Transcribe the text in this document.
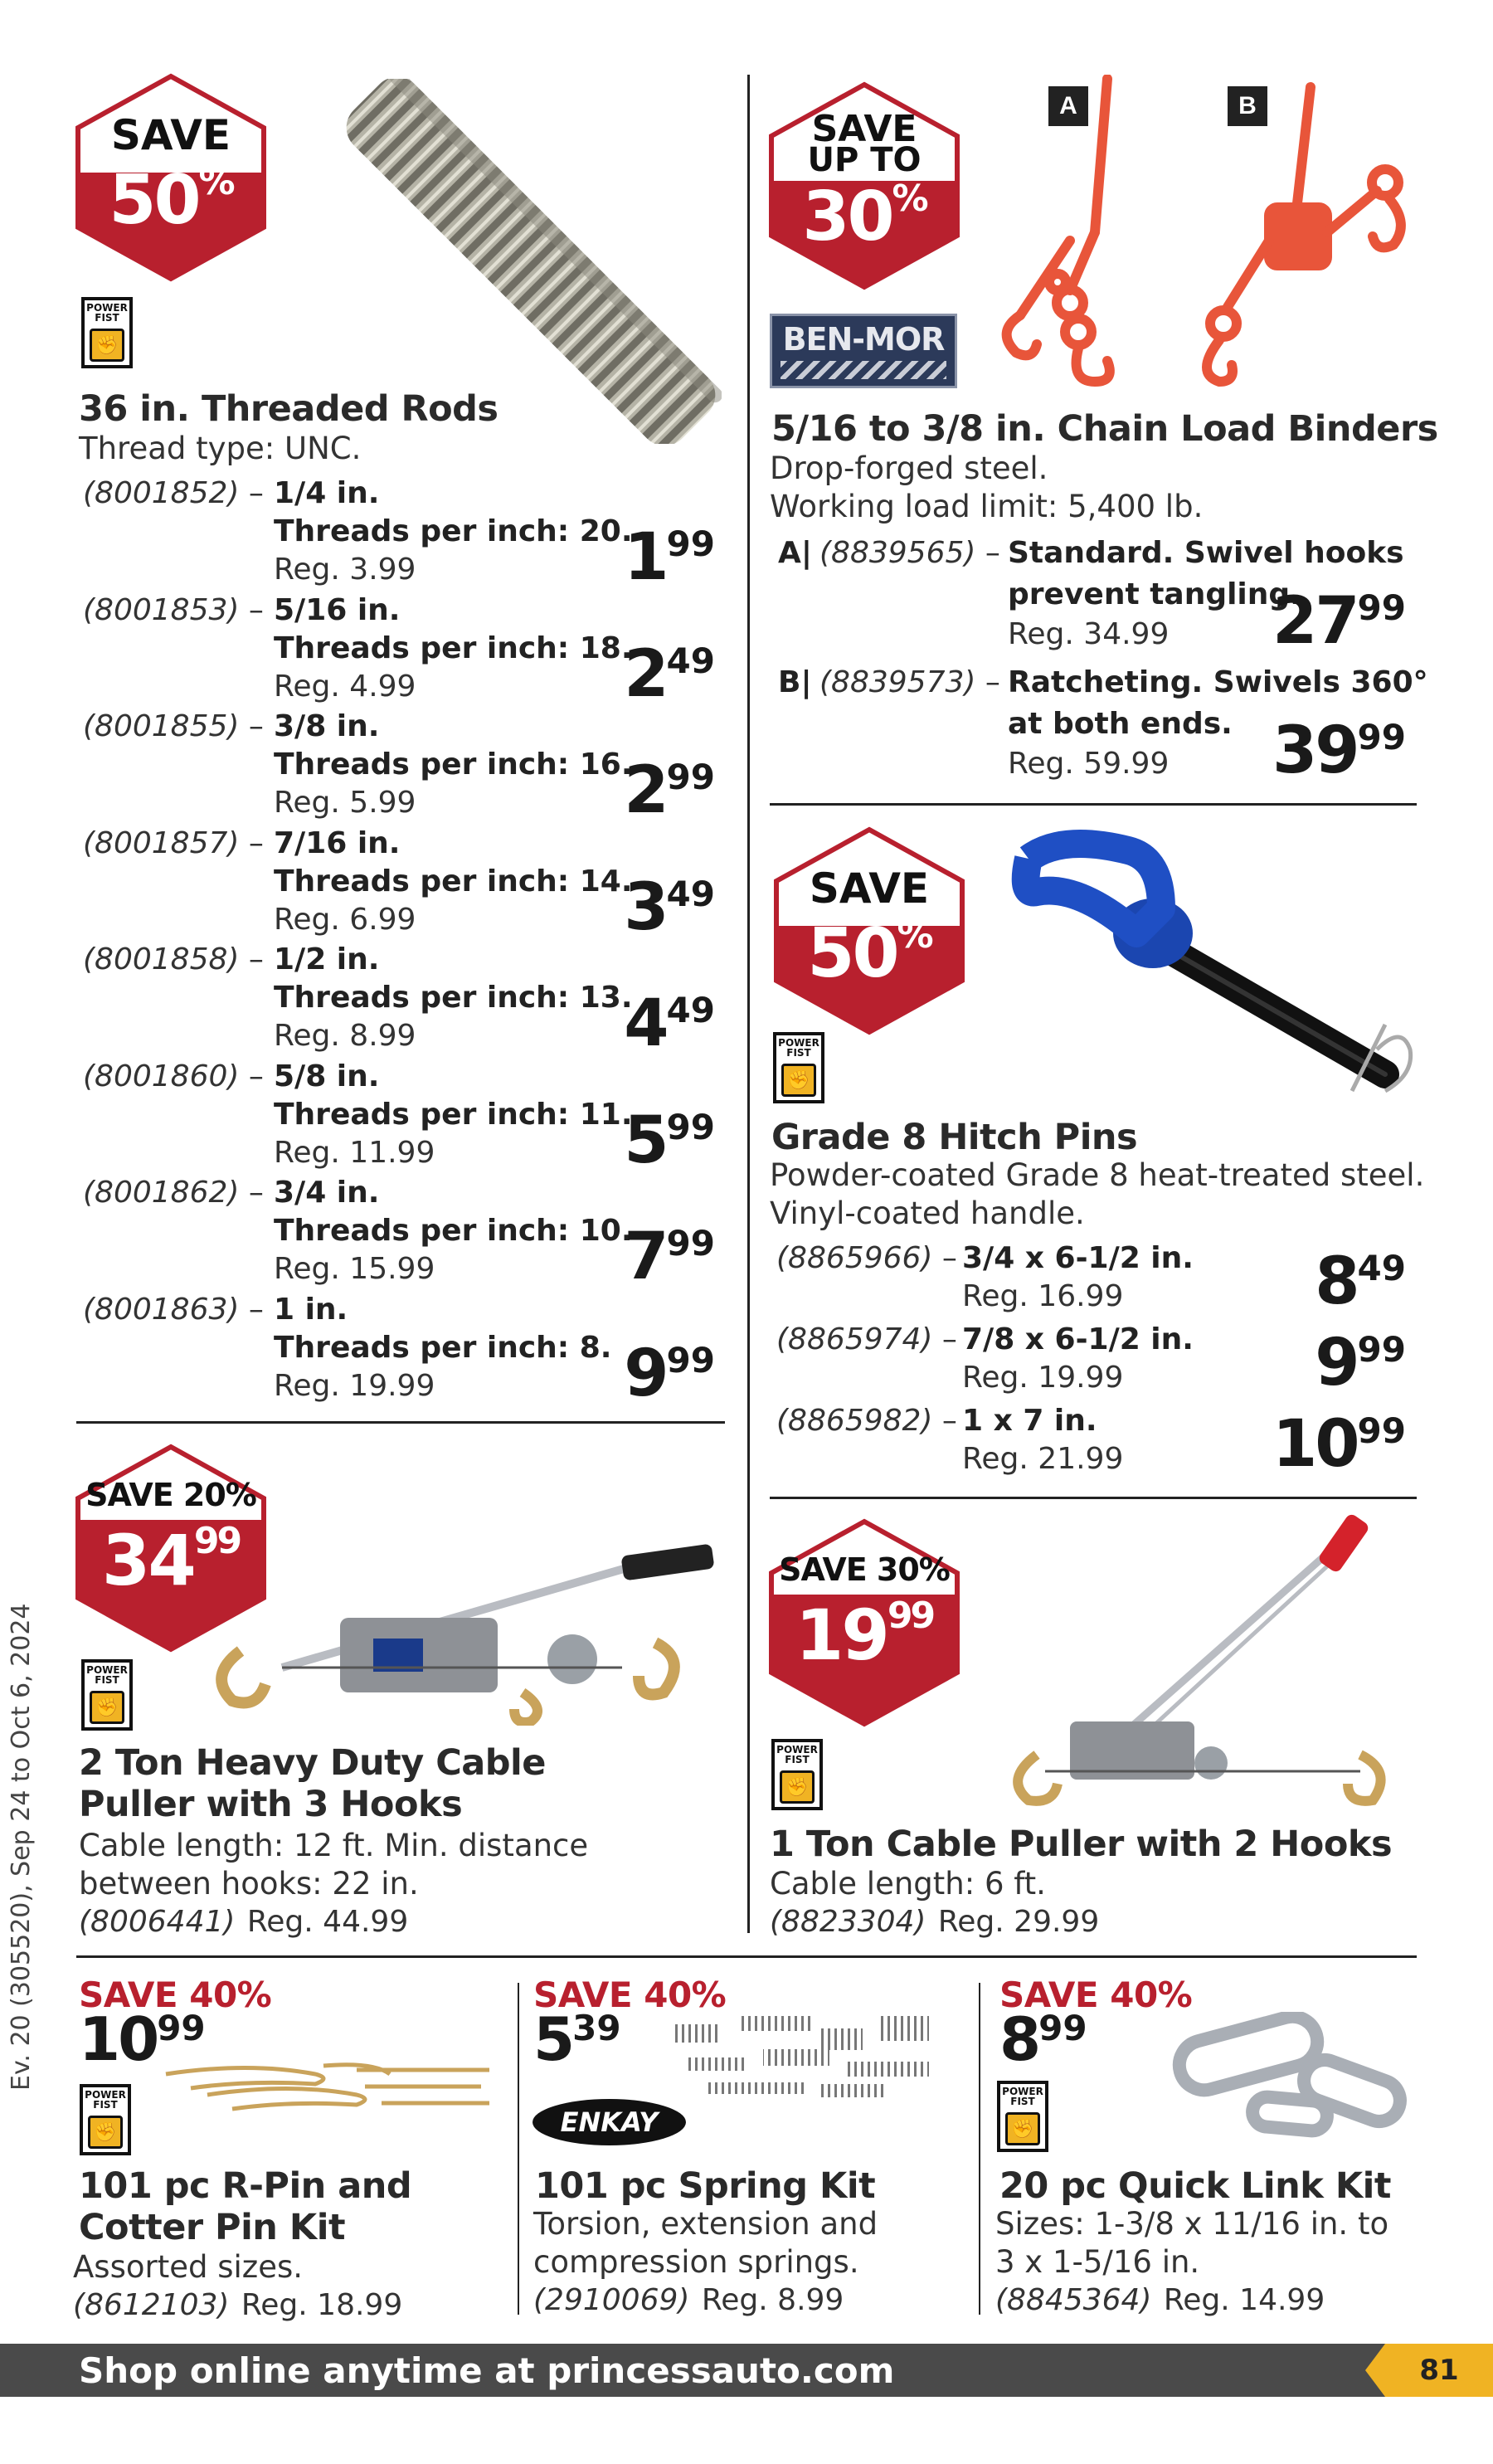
SAVE
50%
POWER FIST
✊
36 in. Threaded Rods
Thread type: UNC.
(8001852) – 1/4 in.
Threads per inch: 20.
Reg. 3.99	199
(8001853) – 5/16 in.
Threads per inch: 18.
Reg. 4.99	249
(8001855) – 3/8 in.
Threads per inch: 16.
Reg. 5.99	299
(8001857) – 7/16 in.
Threads per inch: 14.
Reg. 6.99	349
(8001858) – 1/2 in.
Threads per inch: 13.
Reg. 8.99	449
(8001860) – 5/8 in.
Threads per inch: 11.
Reg. 11.99	599
(8001862) – 3/4 in.
Threads per inch: 10.
Reg. 15.99	799
(8001863) – 1 in.
Threads per inch: 8.
Reg. 19.99	999
SAVE
UP TO
30%
BEN-MOR
A	B
5/16 to 3/8 in. Chain Load Binders
Drop-forged steel.
Working load limit: 5,400 lb.
A| (8839565) – Standard. Swivel hooks
prevent tangling.
Reg. 34.99 2799
B| (8839573) – Ratcheting. Swivels 360°
at both ends.
Reg. 59.99 3999
SAVE
50%
POWER FIST
✊
Grade 8 Hitch Pins
Powder-coated Grade 8 heat-treated steel.
Vinyl-coated handle.
(8865966) – 3/4 x 6-1/2 in.
Reg. 16.99	849
(8865974) – 7/8 x 6-1/2 in.
Reg. 19.99	999
(8865982) – 1 x 7 in.
Reg. 21.99 1099
SAVE 20%
$34^{99}$
POWER FIST
✊
2 Ton Heavy Duty Cable
Puller with 3 Hooks
Cable length: 12 ft. Min. distance
between hooks: 22 in.
(8006441) Reg. 44.99
SAVE 30%
$19^{99}$
POWER FIST
✊
1 Ton Cable Puller with 2 Hooks
Cable length: 6 ft.
(8823304) Reg. 29.99
SAVE 40%
1099
POWER FIST
✊
101 pc R-Pin and
Cotter Pin Kit
Assorted sizes.
(8612103) Reg. 18.99
SAVE 40%
539
ENKAY
101 pc Spring Kit
Torsion, extension and
compression springs.
(2910069) Reg. 8.99
SAVE 40%
899
POWER FIST
✊
20 pc Quick Link Kit
Sizes: 1-3/8 x 11/16 in. to
3 x 1-5/16 in.
(8845364) Reg. 14.99
Ev. 20 (305520), Sep 24 to Oct 6, 2024
Shop online anytime at princessauto.com	81
